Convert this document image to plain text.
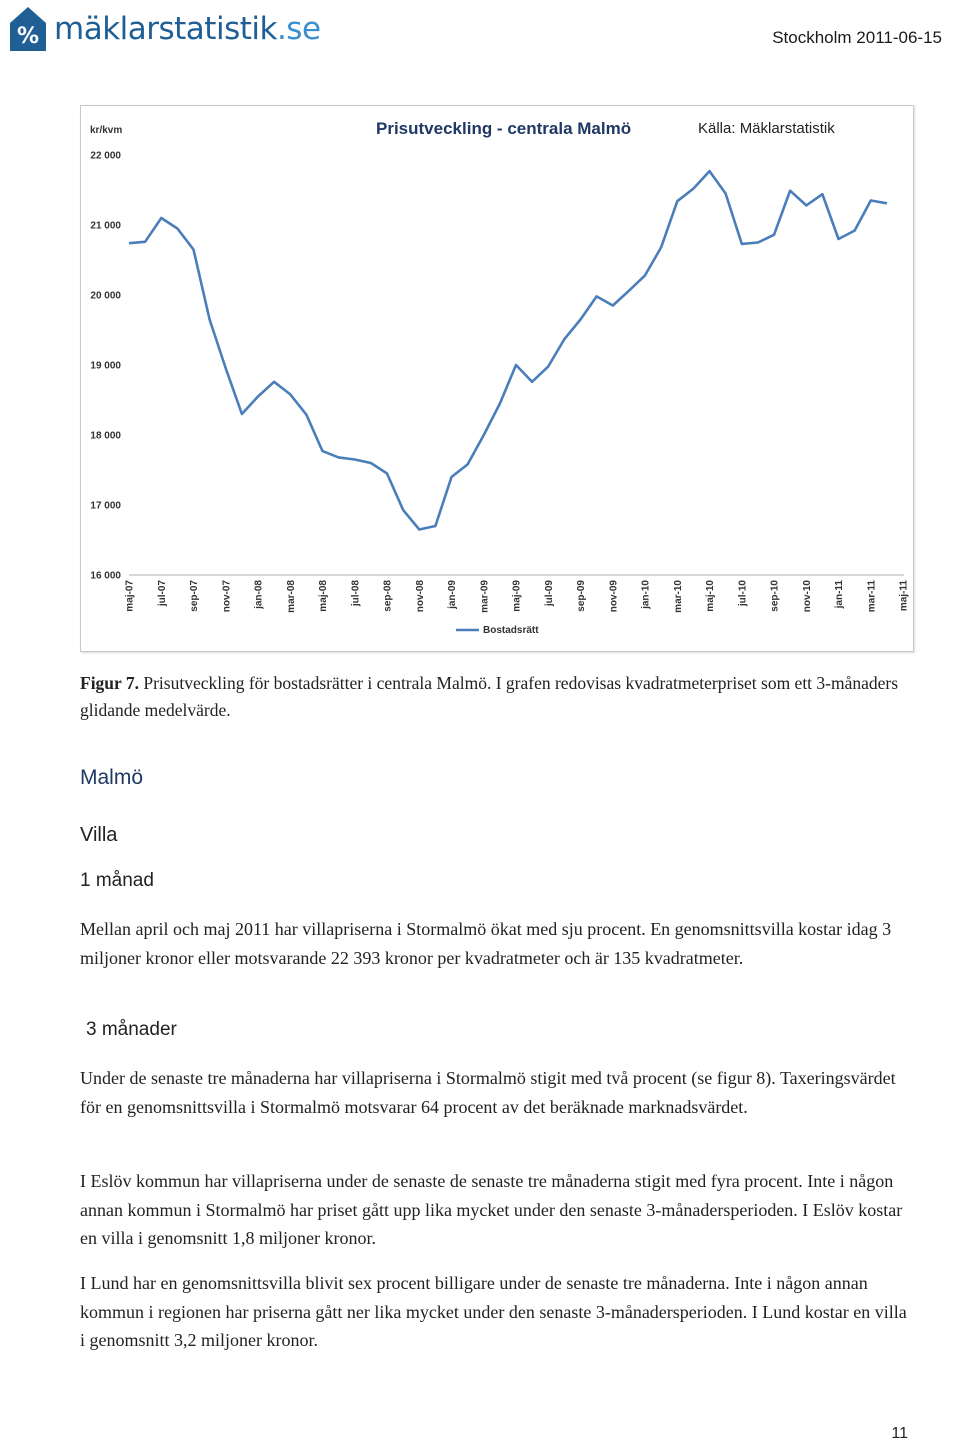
% mäklarstatistik.se	Stockholm 2011-06-15
Prisutveckling - centrala Malmö	Källa: Mäklarstatistik
kr/kvm
16 000
17 000
18 000
19 000
20 000
21 000
22 000
maj-07 jul-07 sep-07 nov-07 jan-08 mar-08 maj-08 jul-08 sep-08 nov-08 jan-09 mar-09 maj-09 jul-09 sep-09 nov-09 jan-10 mar-10 maj-10 jul-10 sep-10 nov-10 jan-11 mar-11 maj-11
Bostadsrätt
Figur 7. Prisutveckling för bostadsrätter i centrala Malmö. I grafen redovisas kvadratmeterpriset som ett 3-månaders glidande medelvärde.
Malmö
Villa
1 månad
Mellan april och maj 2011 har villapriserna i Stormalmö ökat med sju procent. En genomsnittsvilla kostar idag 3 miljoner kronor eller motsvarande 22 393 kronor per kvadratmeter och är 135 kvadratmeter.
3 månader
Under de senaste tre månaderna har villapriserna i Stormalmö stigit med två procent (se figur 8). Taxeringsvärdet för en genomsnittsvilla i Stormalmö motsvarar 64 procent av det beräknade marknadsvärdet.
I Eslöv kommun har villapriserna under de senaste de senaste tre månaderna stigit med fyra procent. Inte i någon annan kommun i Stormalmö har priset gått upp lika mycket under den senaste 3-månadersperioden. I Eslöv kostar en villa i genomsnitt 1,8 miljoner kronor.
I Lund har en genomsnittsvilla blivit sex procent billigare under de senaste tre månaderna. Inte i någon annan kommun i regionen har priserna gått ner lika mycket under den senaste 3-månadersperioden. I Lund kostar en villa i genomsnitt 3,2 miljoner kronor.
11
